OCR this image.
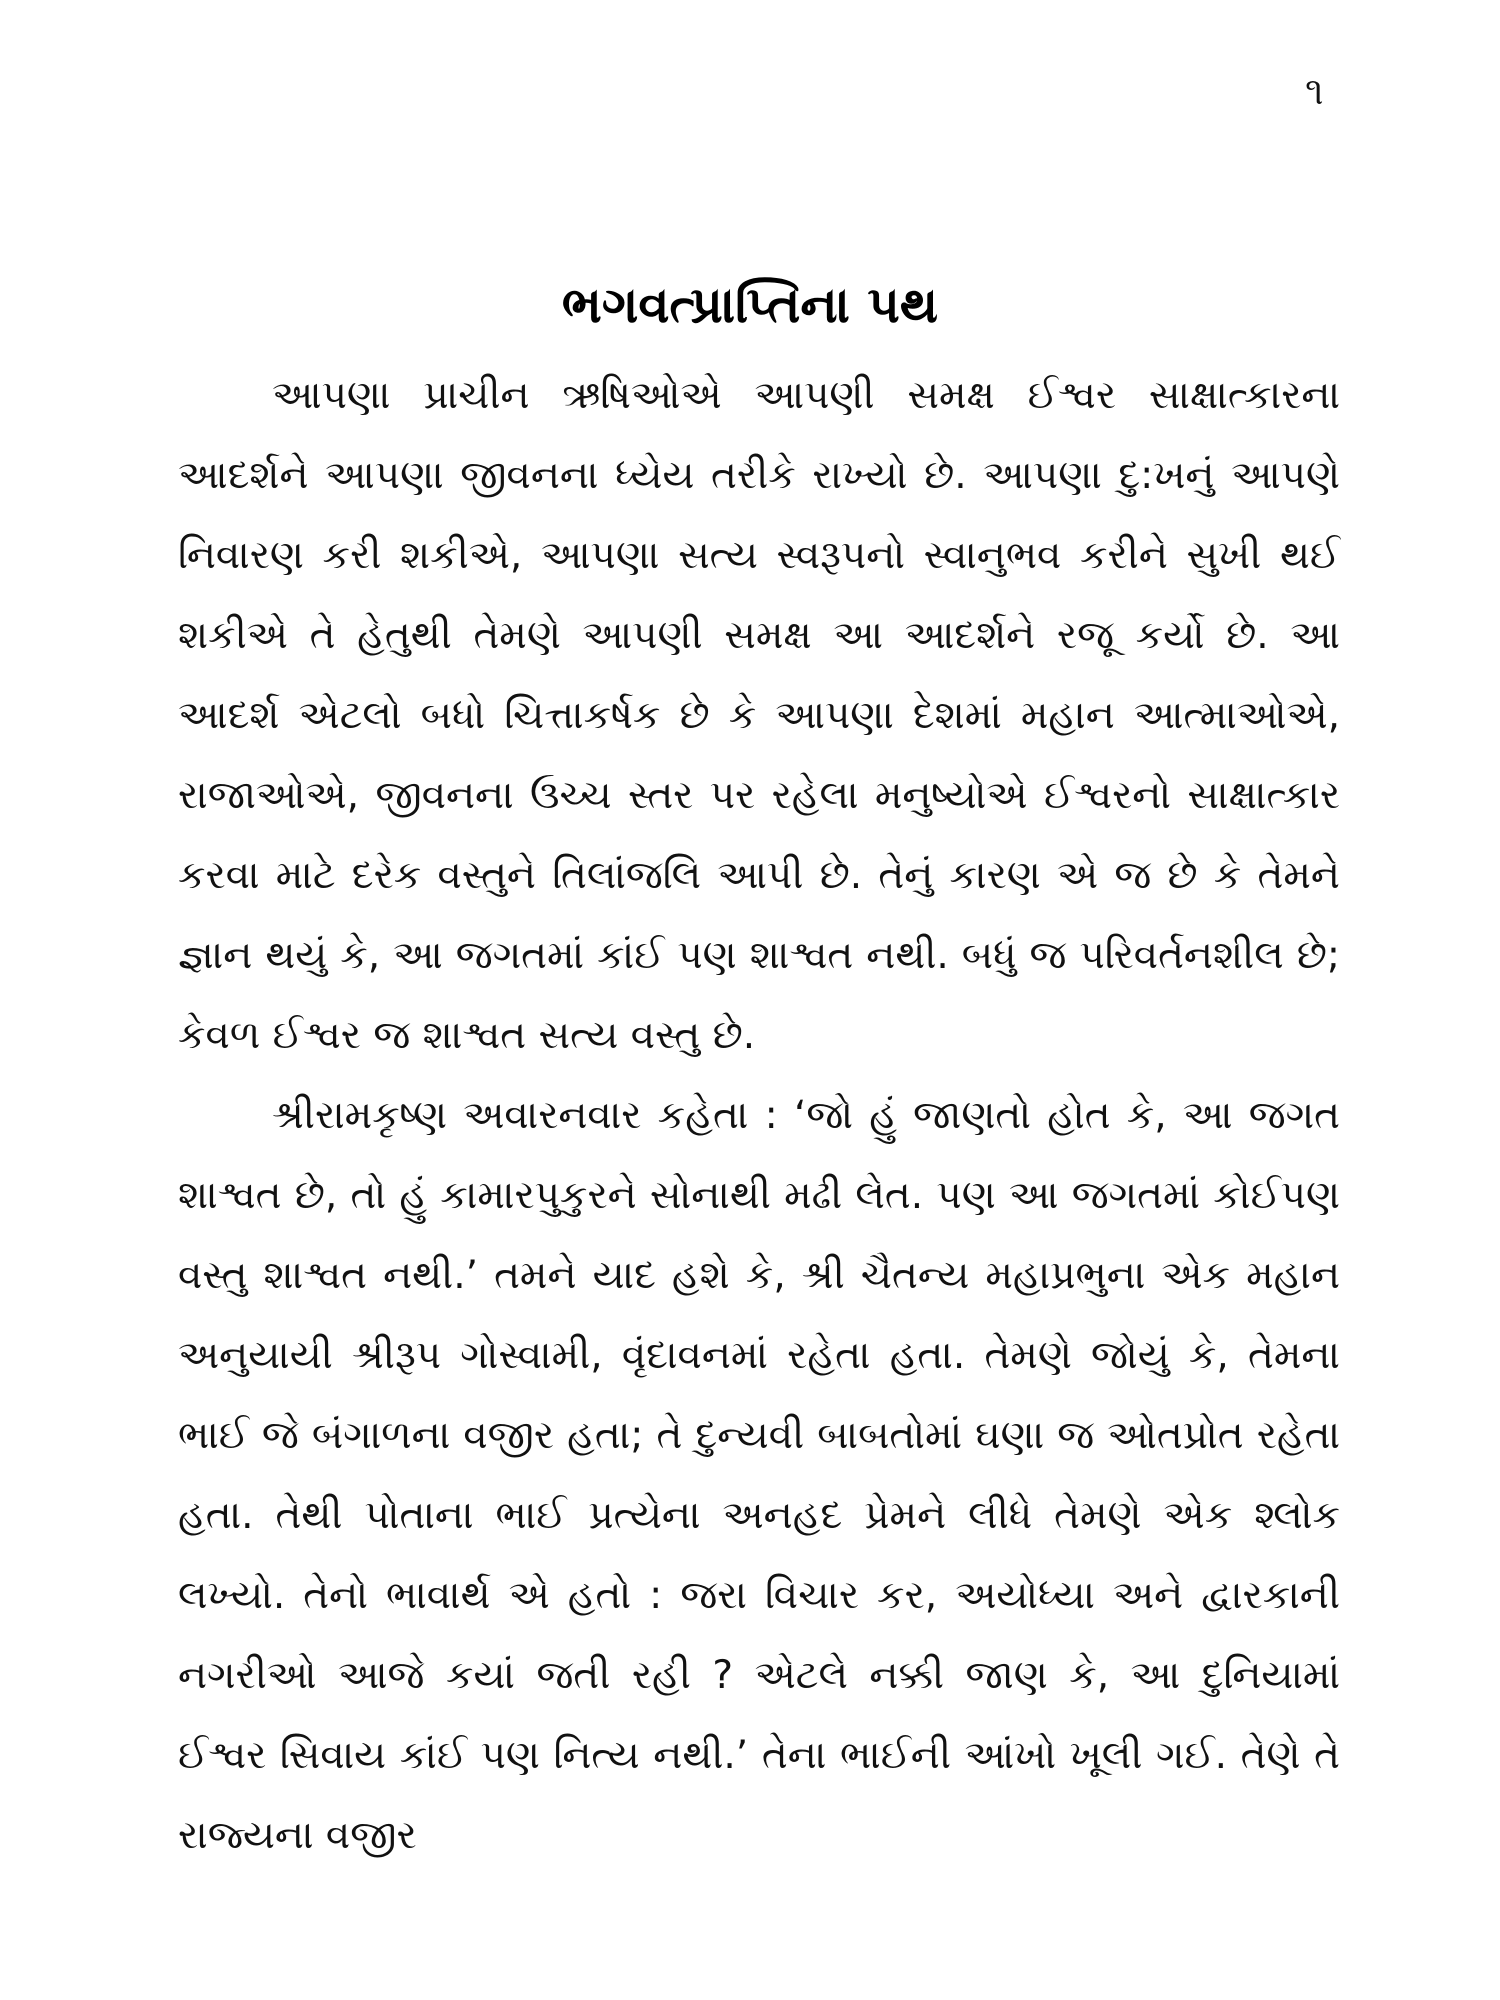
૧
ભગવત્પ્રાપ્તિના પથ

આપણા પ્રાચીન ઋષિઓએ આપણી સમક્ષ ઈશ્વર સાક્ષાત્કારના આદર્શને આપણા જીવનના ધ્યેય તરીકે રાખ્યો છે. આપણા દુ:ખનું આપણે નિવારણ કરી શકીએ, આપણા સત્ય સ્વરૂપનો સ્વાનુભવ કરીને સુખી થઈ શકીએ તે હેતુથી તેમણે આપણી સમક્ષ આ આદર્શને રજૂ કર્યો છે. આ આદર્શ એટલો બધો ચિત્તાકર્ષક છે કે આપણા દેશમાં મહાન આત્માઓએ, રાજાઓએ, જીવનના ઉચ્ચ સ્તર પર રહેલા મનુષ્યોએ ઈશ્વરનો સાક્ષાત્કાર કરવા માટે દરેક વસ્તુને તિલાંજલિ આપી છે. તેનું કારણ એ જ છે કે તેમને જ્ઞાન થયું કે, આ જગતમાં કાંઈ પણ શાશ્વત નથી. બધું જ પરિવર્તનશીલ છે; કેવળ ઈશ્વર જ શાશ્વત સત્ય વસ્તુ છે.

શ્રીરામકૃષ્ણ અવારનવાર કહેતા : ‘જો હું જાણતો હોત કે, આ જગત શાશ્વત છે, તો હું કામારપુકુરને સોનાથી મઢી લેત. પણ આ જગતમાં કોઈપણ વસ્તુ શાશ્વત નથી.’ તમને યાદ હશે કે, શ્રી ચૈતન્ય મહાપ્રભુના એક મહાન અનુયાયી શ્રીરૂપ ગોસ્વામી, વૃંદાવનમાં રહેતા હતા. તેમણે જોયું કે, તેમના ભાઈ જે બંગાળના વજીર હતા; તે દુન્યવી બાબતોમાં ઘણા જ ઓતપ્રોત રહેતા હતા. તેથી પોતાના ભાઈ પ્રત્યેના અનહદ પ્રેમને લીધે તેમણે એક શ્લોક લખ્યો. તેનો ભાવાર્થ એ હતો : જરા વિચાર કર, અયોધ્યા અને દ્વારકાની નગરીઓ આજે કયાં જતી રહી ? એટલે નક્કી જાણ કે, આ દુનિયામાં ઈશ્વર સિવાય કાંઈ પણ નિત્ય નથી.’ તેના ભાઈની આંખો ખૂલી ગઈ. તેણે તે રાજ્યના વજીર
